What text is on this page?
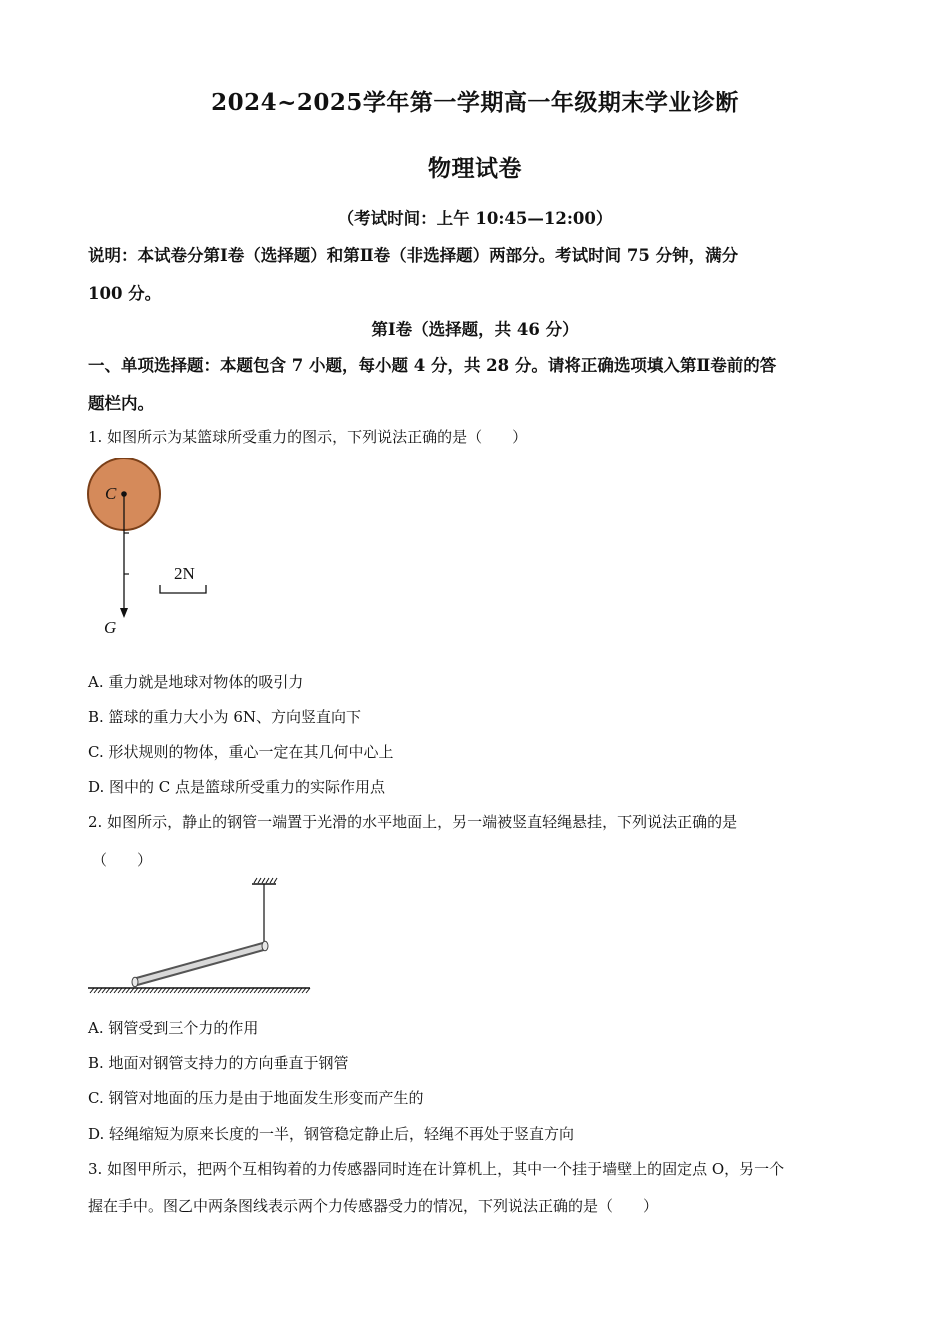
2024~2025学年第一学期高一年级期末学业诊断
物理试卷
（考试时间：上午 10:45—12:00）
说明：本试卷分第Ⅰ卷（选择题）和第Ⅱ卷（非选择题）两部分。考试时间 75 分钟，满分
100 分。
第Ⅰ卷（选择题，共 46 分）
一、单项选择题：本题包含 7 小题，每小题 4 分，共 28 分。请将正确选项填入第Ⅱ卷前的答
题栏内。
1. 如图所示为某篮球所受重力的图示，下列说法正确的是（　　）
C
G
2N
A. 重力就是地球对物体的吸引力
B. 篮球的重力大小为 6N、方向竖直向下
C. 形状规则的物体，重心一定在其几何中心上
D. 图中的 C 点是篮球所受重力的实际作用点
2. 如图所示，静止的钢管一端置于光滑的水平地面上，另一端被竖直轻绳悬挂，下列说法正确的是
（　　）
A. 钢管受到三个力的作用
B. 地面对钢管支持力的方向垂直于钢管
C. 钢管对地面的压力是由于地面发生形变而产生的
D. 轻绳缩短为原来长度的一半，钢管稳定静止后，轻绳不再处于竖直方向
3. 如图甲所示，把两个互相钩着的力传感器同时连在计算机上，其中一个挂于墙壁上的固定点 O，另一个
握在手中。图乙中两条图线表示两个力传感器受力的情况，下列说法正确的是（　　）
